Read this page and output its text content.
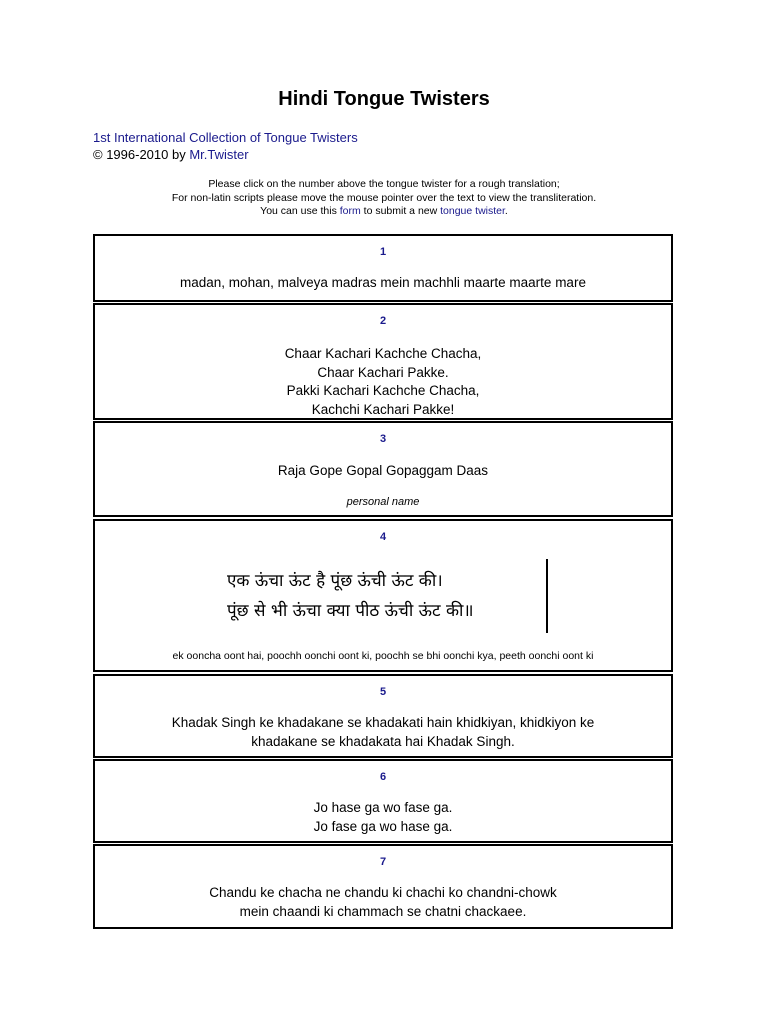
Hindi Tongue Twisters
1st International Collection of Tongue Twisters
© 1996-2010 by Mr.Twister
Please click on the number above the tongue twister for a rough translation;
For non-latin scripts please move the mouse pointer over the text to view the transliteration.
You can use this form to submit a new tongue twister.
1
madan, mohan, malveya madras mein machhli maarte maarte mare
2
Chaar Kachari Kachche Chacha,
Chaar Kachari Pakke.
Pakki Kachari Kachche Chacha,
Kachchi Kachari Pakke!
3
Raja Gope Gopal Gopaggam Daas
personal name
4
एक ऊंचा ऊंट है पूंछ ऊंची ऊंट की।
पूंछ से भी ऊंचा क्या पीठ ऊंची ऊंट की॥
ek ooncha oont hai, poochh oonchi oont ki, poochh se bhi oonchi kya, peeth oonchi oont ki
5
Khadak Singh ke khadakane se khadakati hain khidkiyan, khidkiyon ke
khadakane se khadakata hai Khadak Singh.
6
Jo hase ga wo fase ga.
Jo fase ga wo hase ga.
7
Chandu ke chacha ne chandu ki chachi ko chandni-chowk
mein chaandi ki chammach se chatni chackaee.
